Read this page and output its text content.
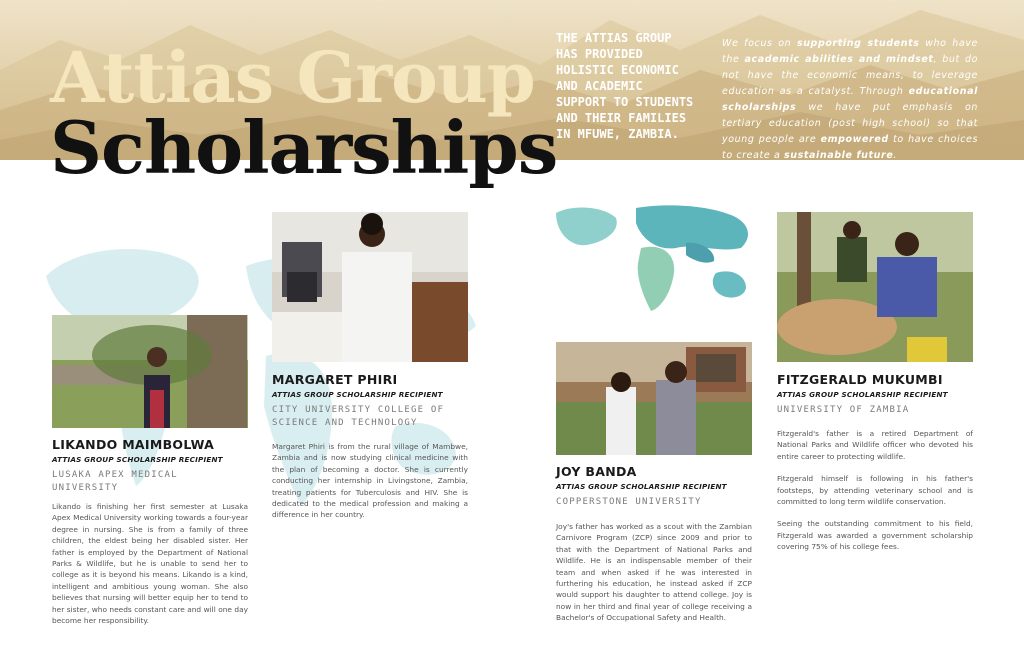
Attias Group
Scholarships
THE ATTIAS GROUP HAS PROVIDED HOLISTIC ECONOMIC AND ACADEMIC SUPPORT TO STUDENTS AND THEIR FAMILIES IN MFUWE, ZAMBIA.
We focus on supporting students who have the academic abilities and mindset, but do not have the economic means, to leverage education as a catalyst. Through educational scholarships we have put emphasis on tertiary education (post high school) so that young people are empowered to have choices to create a sustainable future.
LIKANDO MAIMBOLWA
ATTIAS GROUP SCHOLARSHIP RECIPIENT
LUSAKA APEX MEDICAL UNIVERSITY

Likando is finishing her first semester at Lusaka Apex Medical University working towards a four-year degree in nursing. She is from a family of three children, the eldest being her disabled sister. Her father is employed by the Department of National Parks & Wildlife, but he is unable to send her to college as it is beyond his means. Likando is a kind, intelligent and ambitious young woman. She also believes that nursing will better equip her to tend to her sister, who needs constant care and will one day become her responsibility.

MARGARET PHIRI
ATTIAS GROUP SCHOLARSHIP RECIPIENT
CITY UNIVERSITY COLLEGE OF SCIENCE AND TECHNOLOGY

Margaret Phiri is from the rural village of Mambwe, Zambia and is now studying clinical medicine with the plan of becoming a doctor. She is currently conducting her internship in Livingstone, Zambia, treating patients for Tuberculosis and HIV. She is dedicated to the medical profession and making a difference in her country.

JOY BANDA
ATTIAS GROUP SCHOLARSHIP RECIPIENT
COPPERSTONE UNIVERSITY

Joy's father has worked as a scout with the Zambian Carnivore Program (ZCP) since 2009 and prior to that with the Department of National Parks and Wildlife. He is an indispensable member of their team and when asked if he was interested in furthering his education, he instead asked if ZCP would support his daughter to attend college. Joy is now in her third and final year of college receiving a Bachelor's of Occupational Safety and Health.

FITZGERALD MUKUMBI
ATTIAS GROUP SCHOLARSHIP RECIPIENT
UNIVERSITY OF ZAMBIA

Fitzgerald's father is a retired Department of National Parks and Wildlife officer who devoted his entire career to protecting wildlife.

Fitzgerald himself is following in his father's footsteps, by attending veterinary school and is committed to long term wildlife conservation.

Seeing the outstanding commitment to his field, Fitzgerald was awarded a government scholarship covering 75% of his college fees.
